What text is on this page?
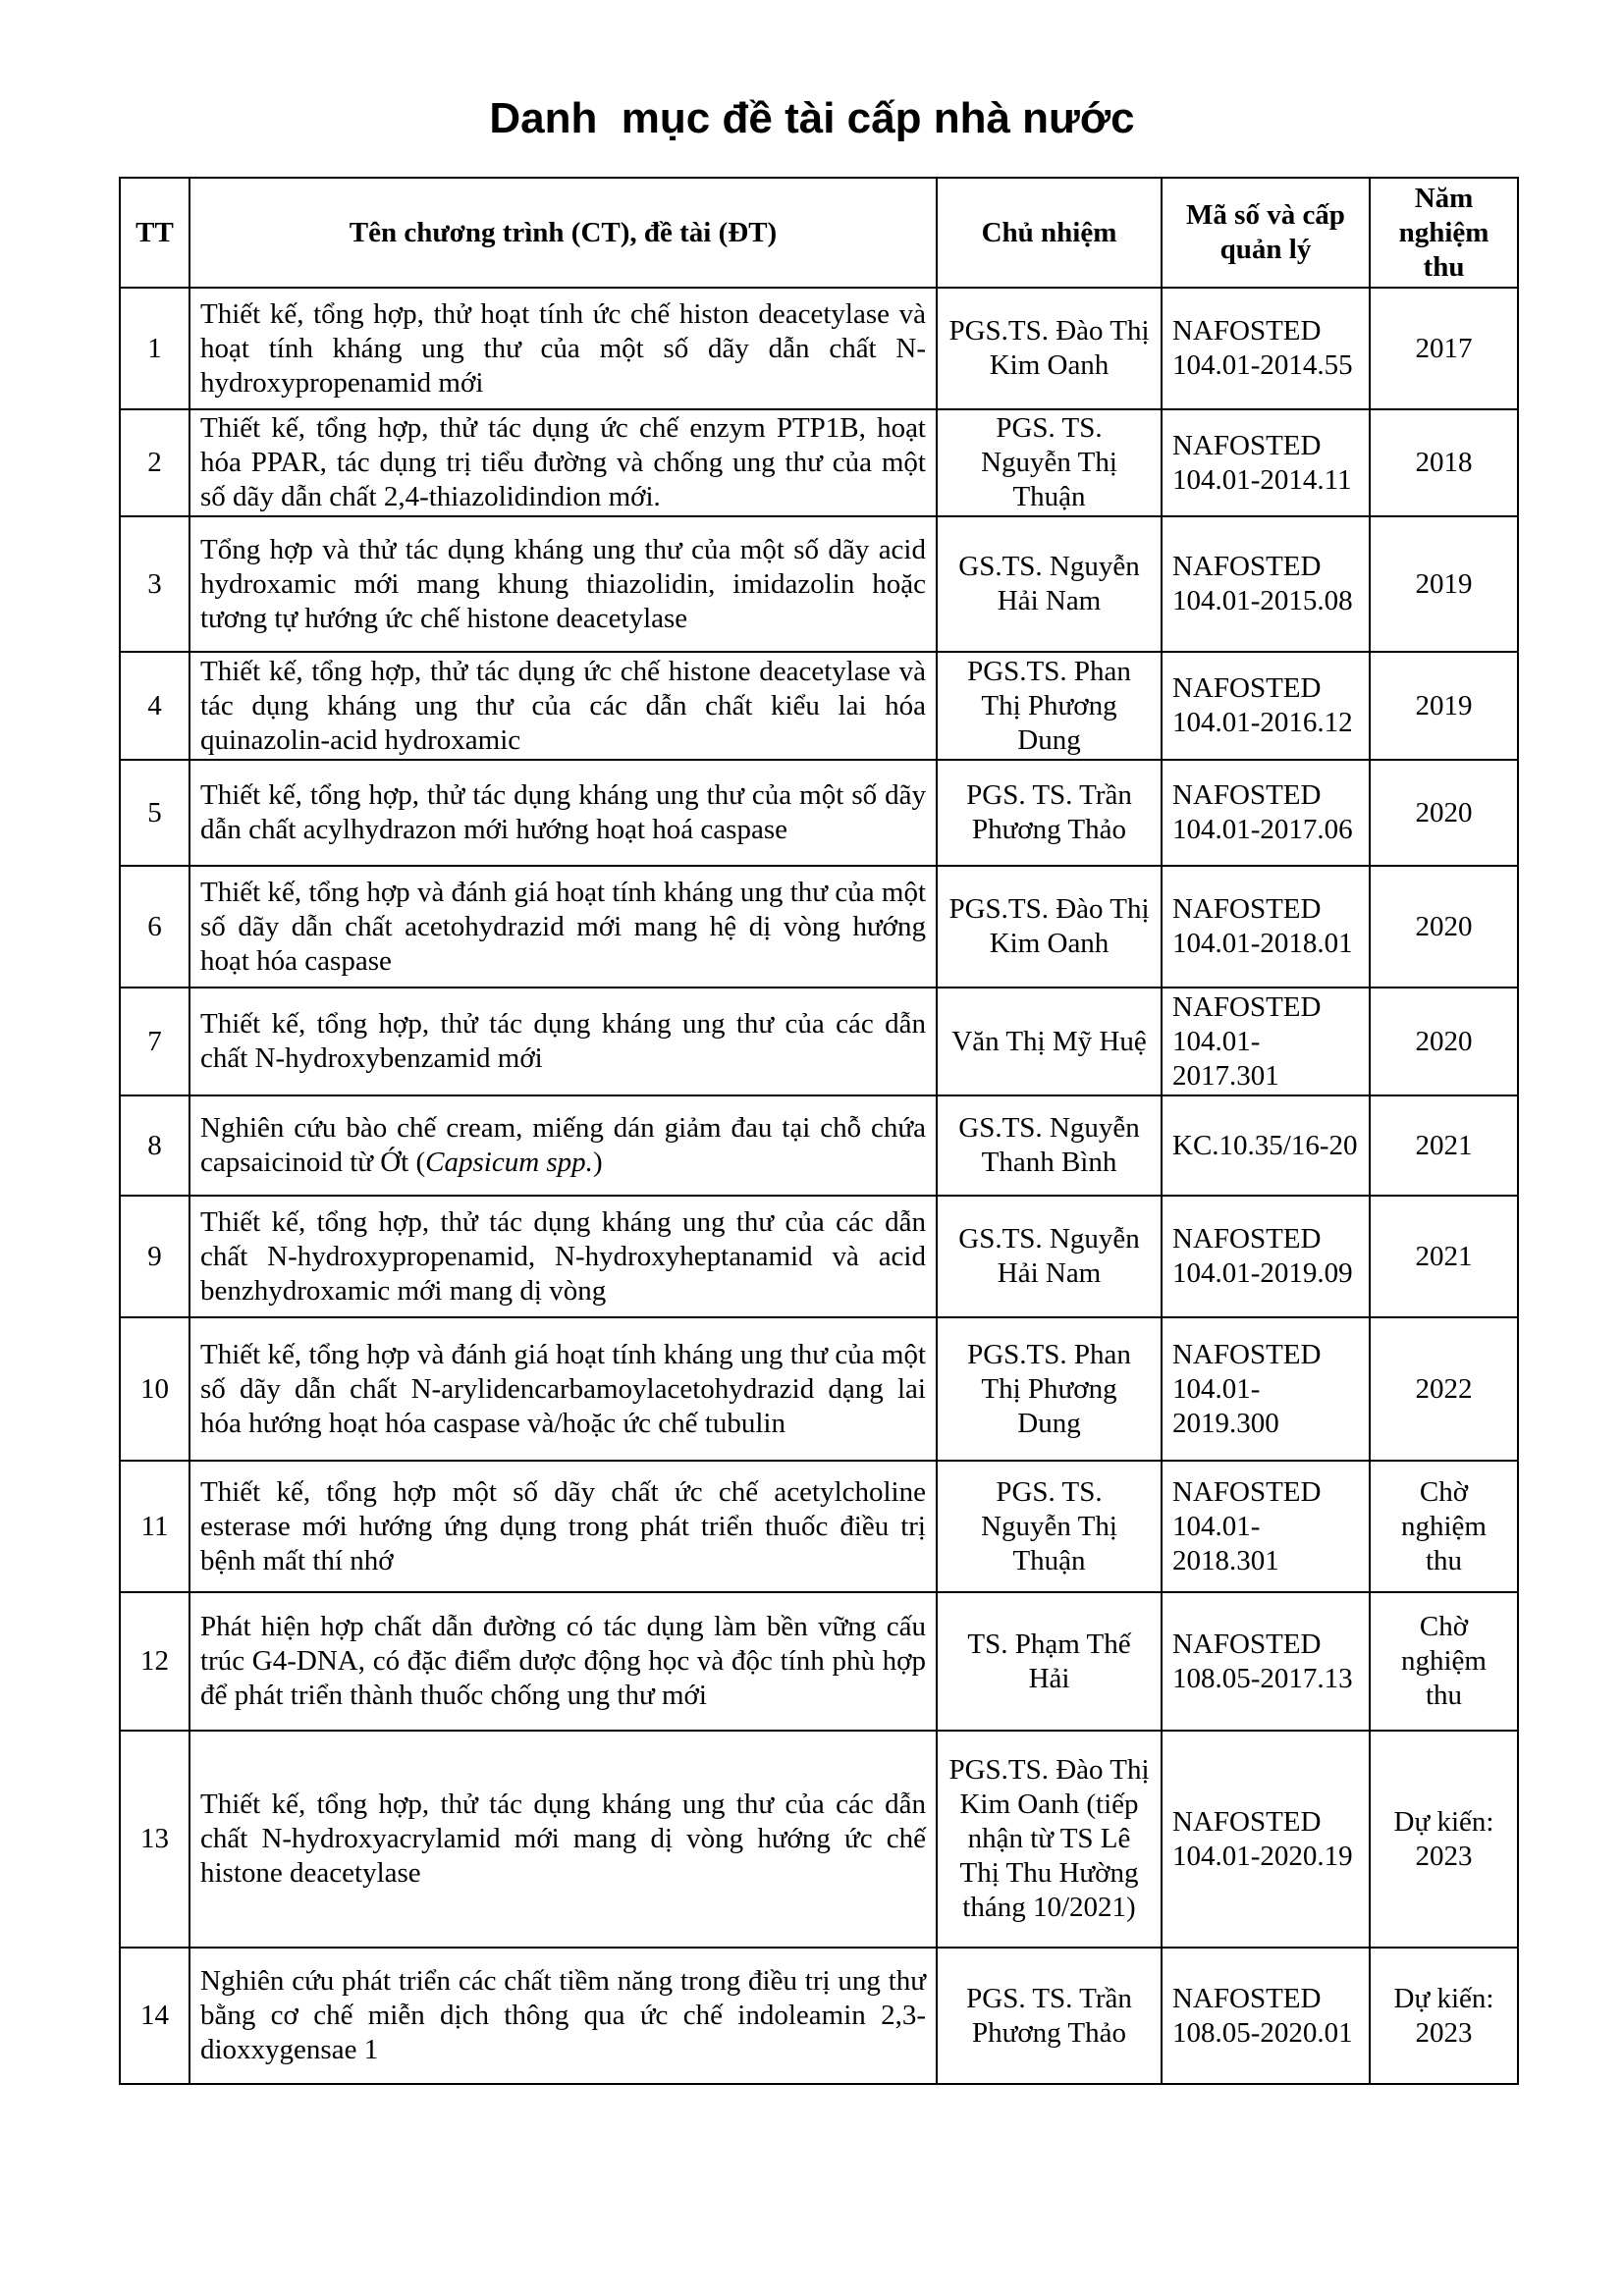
Danh  mục đề tài cấp nhà nước
TT	Tên chương trình (CT), đề tài (ĐT)	Chủ nhiệm	Mã số và cấp quản lý	Năm nghiệm thu
1	Thiết kế, tổng hợp, thử hoạt tính ức chế histon deacetylase và hoạt tính kháng ung thư của một số dãy dẫn chất N-hydroxypropenamid mới	PGS.TS. Đào Thị Kim Oanh	NAFOSTED 104.01-2014.55	2017
2	Thiết kế, tổng hợp, thử tác dụng ức chế enzym PTP1B, hoạt hóa PPAR, tác dụng trị tiểu đường và chống ung thư của một số dãy dẫn chất 2,4-thiazolidindion mới.	PGS. TS. Nguyễn Thị Thuận	NAFOSTED 104.01-2014.11	2018
3	Tổng hợp và thử tác dụng kháng ung thư của một số dãy acid hydroxamic mới mang khung thiazolidin, imidazolin hoặc tương tự hướng ức chế histone deacetylase	GS.TS. Nguyễn Hải Nam	NAFOSTED 104.01-2015.08	2019
4	Thiết kế, tổng hợp, thử tác dụng ức chế histone deacetylase và tác dụng kháng ung thư của các dẫn chất kiểu lai hóa quinazolin-acid hydroxamic	PGS.TS. Phan Thị Phương Dung	NAFOSTED 104.01-2016.12	2019
5	Thiết kế, tổng hợp, thử tác dụng kháng ung thư của một số dãy dẫn chất acylhydrazon mới hướng hoạt hoá caspase	PGS. TS. Trần Phương Thảo	NAFOSTED 104.01-2017.06	2020
6	Thiết kế, tổng hợp và đánh giá hoạt tính kháng ung thư của một số dãy dẫn chất acetohydrazid mới mang hệ dị vòng hướng hoạt hóa caspase	PGS.TS. Đào Thị Kim Oanh	NAFOSTED 104.01-2018.01	2020
7	Thiết kế, tổng hợp, thử tác dụng kháng ung thư của các dẫn chất N-hydroxybenzamid mới	Văn Thị Mỹ Huệ	NAFOSTED 104.01-2017.301	2020
8	Nghiên cứu bào chế cream, miếng dán giảm đau tại chỗ chứa capsaicinoid từ Ớt (Capsicum spp.)	GS.TS. Nguyễn Thanh Bình	KC.10.35/16-20	2021
9	Thiết kế, tổng hợp, thử tác dụng kháng ung thư của các dẫn chất N-hydroxypropenamid, N-hydroxyheptanamid và acid benzhydroxamic mới mang dị vòng	GS.TS. Nguyễn Hải Nam	NAFOSTED 104.01-2019.09	2021
10	Thiết kế, tổng hợp và đánh giá hoạt tính kháng ung thư của một số dãy dẫn chất N-arylidencarbamoylacetohydrazid dạng lai hóa hướng hoạt hóa caspase và/hoặc ức chế tubulin	PGS.TS. Phan Thị Phương Dung	NAFOSTED 104.01-2019.300	2022
11	Thiết kế, tổng hợp một số dãy chất ức chế acetylcholine esterase mới hướng ứng dụng trong phát triển thuốc điều trị bệnh mất thí nhớ	PGS. TS. Nguyễn Thị Thuận	NAFOSTED 104.01-2018.301	Chờ nghiệm thu
12	Phát hiện hợp chất dẫn đường có tác dụng làm bền vững cấu trúc G4-DNA, có đặc điểm dược động học và độc tính phù hợp để phát triển thành thuốc chống ung thư mới	TS. Phạm Thế Hải	NAFOSTED 108.05-2017.13	Chờ nghiệm thu
13	Thiết kế, tổng hợp, thử tác dụng kháng ung thư của các dẫn chất N-hydroxyacrylamid mới mang dị vòng hướng ức chế histone deacetylase	PGS.TS. Đào Thị Kim Oanh (tiếp nhận từ TS Lê Thị Thu Hường tháng 10/2021)	NAFOSTED 104.01-2020.19	Dự kiến: 2023
14	Nghiên cứu phát triển các chất tiềm năng trong điều trị ung thư bằng cơ chế miễn dịch thông qua ức chế indoleamin 2,3-dioxxygensae 1	PGS. TS. Trần Phương Thảo	NAFOSTED 108.05-2020.01	Dự kiến: 2023
